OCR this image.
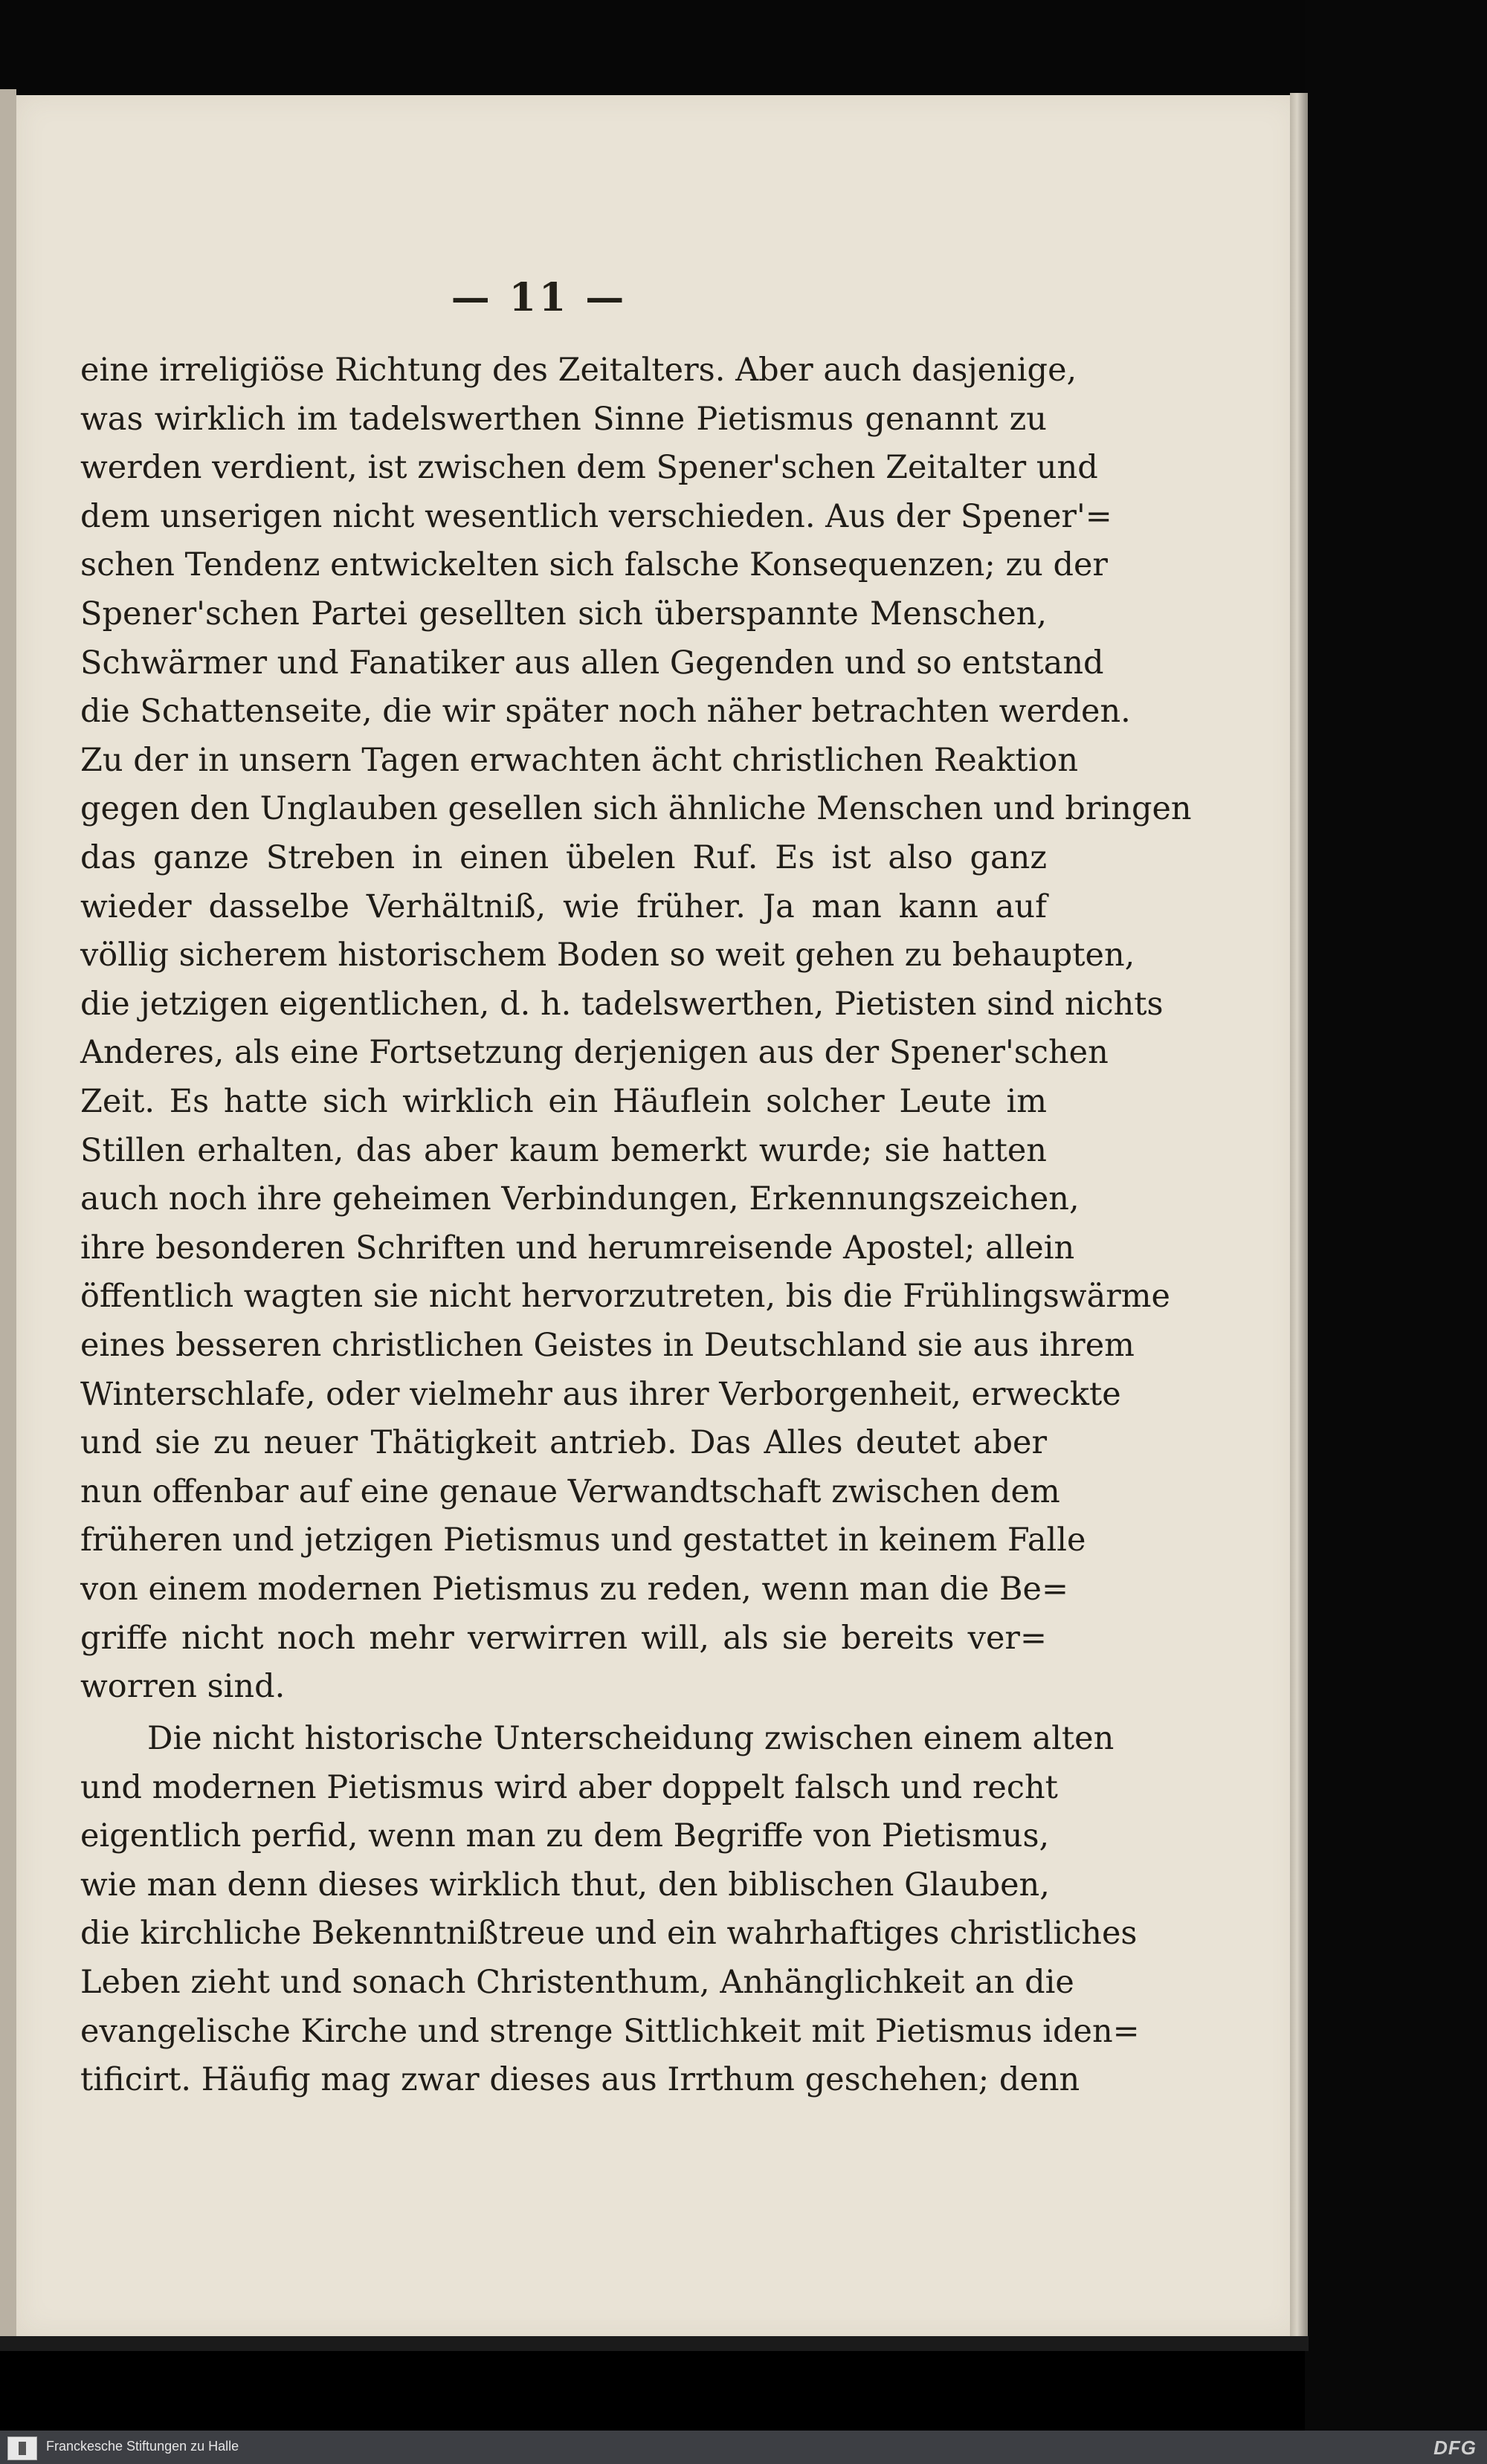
— 11 —
eine irreligiöse Richtung des Zeitalters. Aber auch dasjenige,
was wirklich im tadelswerthen Sinne Pietismus genannt zu
werden verdient, ist zwischen dem Spener'schen Zeitalter und
dem unserigen nicht wesentlich verschieden. Aus der Spener'=
schen Tendenz entwickelten sich falsche Konsequenzen; zu der
Spener'schen Partei gesellten sich überspannte Menschen,
Schwärmer und Fanatiker aus allen Gegenden und so entstand
die Schattenseite, die wir später noch näher betrachten werden.
Zu der in unsern Tagen erwachten ächt christlichen Reaktion
gegen den Unglauben gesellen sich ähnliche Menschen und bringen
das ganze Streben in einen übelen Ruf. Es ist also ganz
wieder dasselbe Verhältniß, wie früher. Ja man kann auf
völlig sicherem historischem Boden so weit gehen zu behaupten,
die jetzigen eigentlichen, d. h. tadelswerthen, Pietisten sind nichts
Anderes, als eine Fortsetzung derjenigen aus der Spener'schen
Zeit. Es hatte sich wirklich ein Häuflein solcher Leute im
Stillen erhalten, das aber kaum bemerkt wurde; sie hatten
auch noch ihre geheimen Verbindungen, Erkennungszeichen,
ihre besonderen Schriften und herumreisende Apostel; allein
öffentlich wagten sie nicht hervorzutreten, bis die Frühlingswärme
eines besseren christlichen Geistes in Deutschland sie aus ihrem
Winterschlafe, oder vielmehr aus ihrer Verborgenheit, erweckte
und sie zu neuer Thätigkeit antrieb. Das Alles deutet aber
nun offenbar auf eine genaue Verwandtschaft zwischen dem
früheren und jetzigen Pietismus und gestattet in keinem Falle
von einem modernen Pietismus zu reden, wenn man die Be=
griffe nicht noch mehr verwirren will, als sie bereits ver=
worren sind.
Die nicht historische Unterscheidung zwischen einem alten
und modernen Pietismus wird aber doppelt falsch und recht
eigentlich perfid, wenn man zu dem Begriffe von Pietismus,
wie man denn dieses wirklich thut, den biblischen Glauben,
die kirchliche Bekenntnißtreue und ein wahrhaftiges christliches
Leben zieht und sonach Christenthum, Anhänglichkeit an die
evangelische Kirche und strenge Sittlichkeit mit Pietismus iden=
tificirt. Häufig mag zwar dieses aus Irrthum geschehen; denn
Franckesche Stiftungen zu Halle	DFG
